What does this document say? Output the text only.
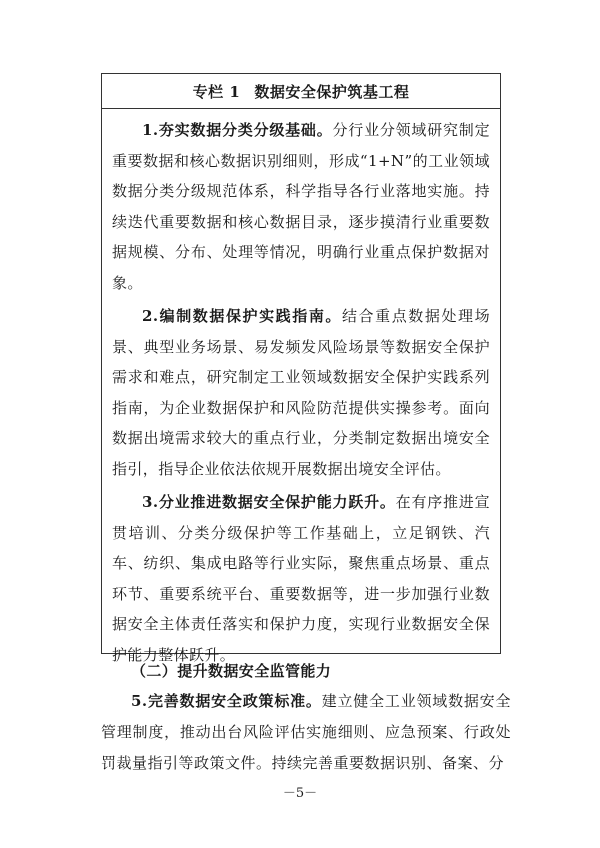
专栏 1 数据安全保护筑基工程

1.夯实数据分类分级基础。分行业分领域研究制定重要数据和核心数据识别细则，形成“1+N”的工业领域数据分类分级规范体系，科学指导各行业落地实施。持续迭代重要数据和核心数据目录，逐步摸清行业重要数据规模、分布、处理等情况，明确行业重点保护数据对象。

2.编制数据保护实践指南。结合重点数据处理场景、典型业务场景、易发频发风险场景等数据安全保护需求和难点，研究制定工业领域数据安全保护实践系列指南，为企业数据保护和风险防范提供实操参考。面向数据出境需求较大的重点行业，分类制定数据出境安全指引，指导企业依法依规开展数据出境安全评估。

3.分业推进数据安全保护能力跃升。在有序推进宣贯培训、分类分级保护等工作基础上，立足钢铁、汽车、纺织、集成电路等行业实际，聚焦重点场景、重点环节、重要系统平台、重要数据等，进一步加强行业数据安全主体责任落实和保护力度，实现行业数据安全保护能力整体跃升。

（二）提升数据安全监管能力

5.完善数据安全政策标准。建立健全工业领域数据安全管理制度，推动出台风险评估实施细则、应急预案、行政处罚裁量指引等政策文件。持续完善重要数据识别、备案、分

－5－
